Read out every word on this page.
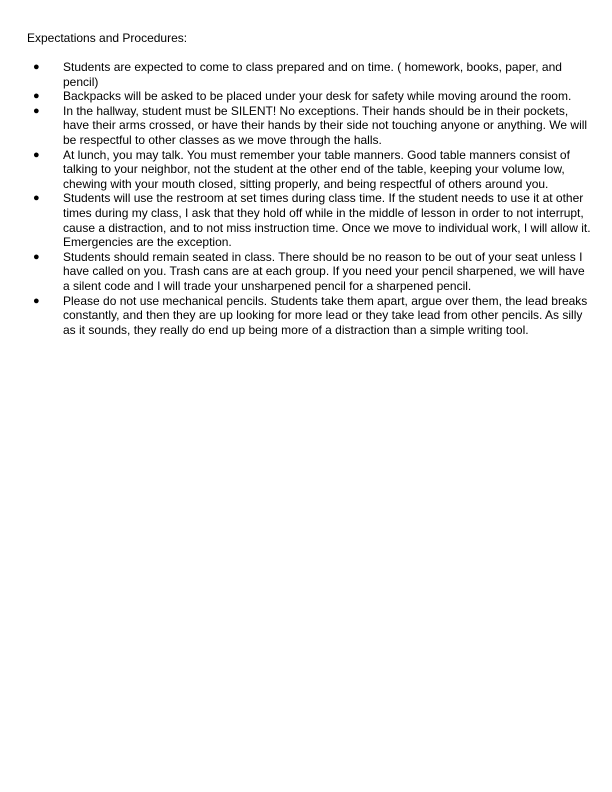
Expectations and Procedures:
● Students are expected to come to class prepared and on time. ( homework, books, paper, and pencil)
● Backpacks will be asked to be placed under your desk for safety while moving around the room.
● In the hallway, student must be SILENT! No exceptions. Their hands should be in their pockets, have their arms crossed, or have their hands by their side not touching anyone or anything. We will be respectful to other classes as we move through the halls.
● At lunch, you may talk. You must remember your table manners. Good table manners consist of talking to your neighbor, not the student at the other end of the table, keeping your volume low, chewing with your mouth closed, sitting properly, and being respectful of others around you.
● Students will use the restroom at set times during class time. If the student needs to use it at other times during my class, I ask that they hold off while in the middle of lesson in order to not interrupt, cause a distraction, and to not miss instruction time. Once we move to individual work, I will allow it. Emergencies are the exception.
● Students should remain seated in class. There should be no reason to be out of your seat unless I have called on you. Trash cans are at each group. If you need your pencil sharpened, we will have a silent code and I will trade your unsharpened pencil for a sharpened pencil.
● Please do not use mechanical pencils. Students take them apart, argue over them, the lead breaks constantly, and then they are up looking for more lead or they take lead from other pencils. As silly as it sounds, they really do end up being more of a distraction than a simple writing tool.
